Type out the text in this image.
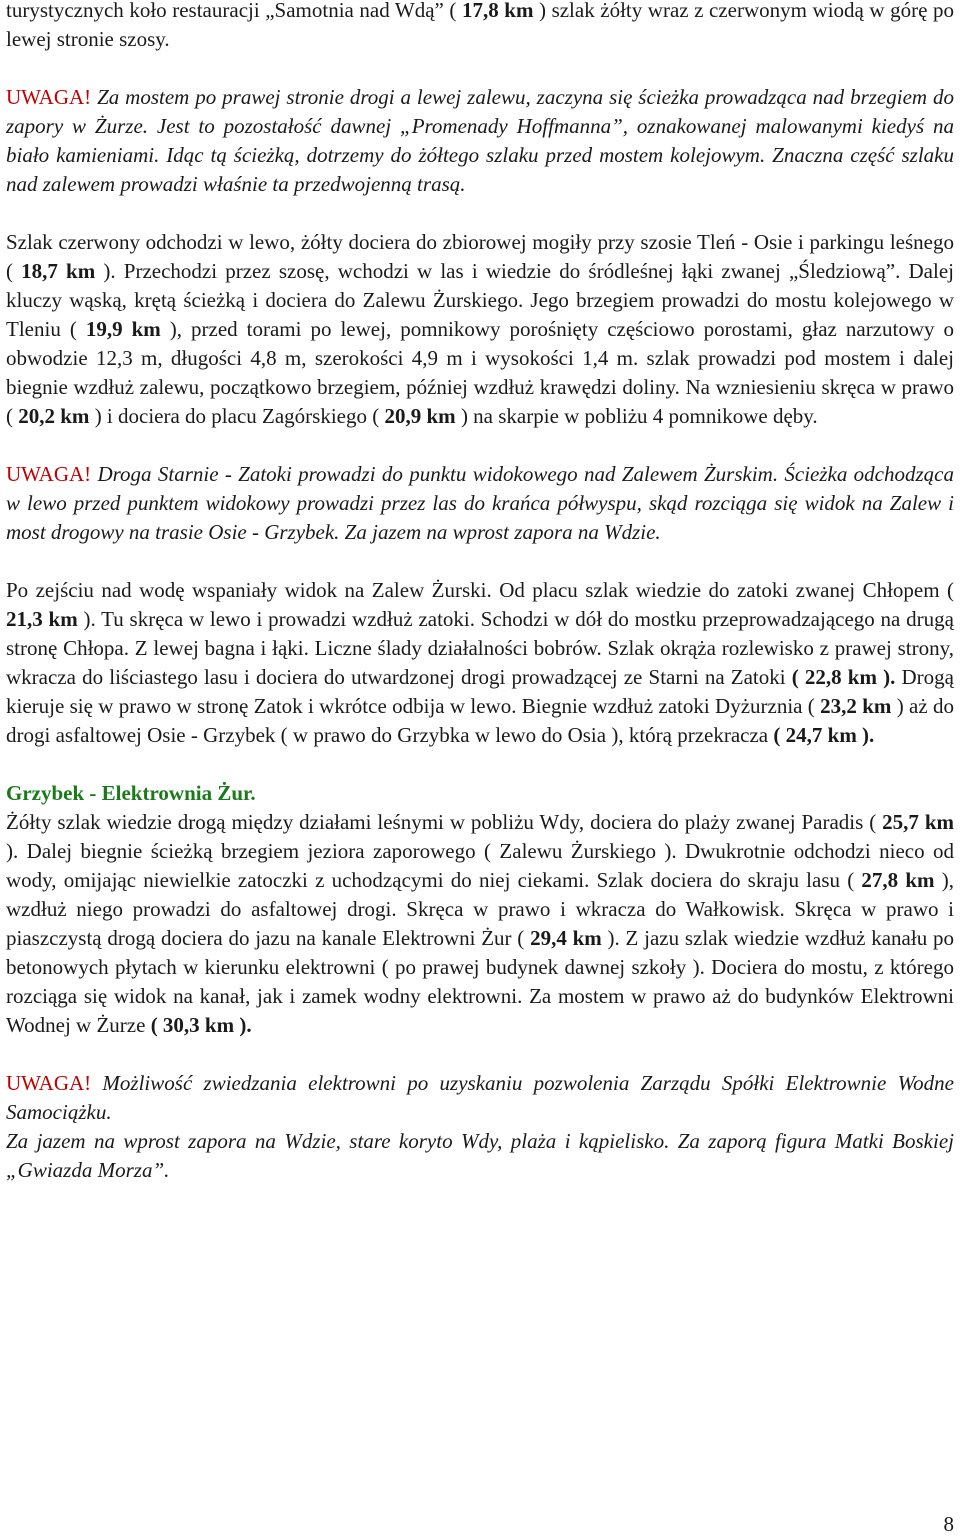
turystycznych koło restauracji „Samotnia nad Wdą” ( 17,8 km ) szlak żółty wraz z czerwonym wiodą w górę po lewej stronie szosy.

UWAGA! Za mostem po prawej stronie drogi a lewej zalewu, zaczyna się ścieżka prowadząca nad brzegiem do zapory w Żurze. Jest to pozostałość dawnej „Promenady Hoffmanna”, oznakowanej malowanymi kiedyś na biało kamieniami. Idąc tą ścieżką, dotrzemy do żółtego szlaku przed mostem kolejowym. Znaczna część szlaku nad zalewem prowadzi właśnie ta przedwojenną trasą.

Szlak czerwony odchodzi w lewo, żółty dociera do zbiorowej mogiły przy szosie Tleń - Osie i parkingu leśnego ( 18,7 km ). Przechodzi przez szosę, wchodzi w las i wiedzie do śródleśnej łąki zwanej „Śledziową”. Dalej kluczy wąską, krętą ścieżką i dociera do Zalewu Żurskiego. Jego brzegiem prowadzi do mostu kolejowego w Tleniu ( 19,9 km ), przed torami po lewej, pomnikowy porośnięty częściowo porostami, głaz narzutowy o obwodzie 12,3 m, długości 4,8 m, szerokości 4,9 m i wysokości 1,4 m. szlak prowadzi pod mostem i dalej biegnie wzdłuż zalewu, początkowo brzegiem, później wzdłuż krawędzi doliny. Na wzniesieniu skręca w prawo ( 20,2 km ) i dociera do placu Zagórskiego ( 20,9 km ) na skarpie w pobliżu 4 pomnikowe dęby.

UWAGA! Droga Starnie - Zatoki prowadzi do punktu widokowego nad Zalewem Żurskim. Ścieżka odchodząca w lewo przed punktem widokowy prowadzi przez las do krańca półwyspu, skąd rozciąga się widok na Zalew i most drogowy na trasie Osie - Grzybek. Za jazem na wprost zapora na Wdzie.

Po zejściu nad wodę wspaniały widok na Zalew Żurski. Od placu szlak wiedzie do zatoki zwanej Chłopem ( 21,3 km ). Tu skręca w lewo i prowadzi wzdłuż zatoki. Schodzi w dół do mostku przeprowadzającego na drugą stronę Chłopa. Z lewej bagna i łąki. Liczne ślady działalności bobrów. Szlak okrąża rozlewisko z prawej strony, wkracza do liściastego lasu i dociera do utwardzonej drogi prowadzącej ze Starni na Zatoki ( 22,8 km ). Drogą kieruje się w prawo w stronę Zatok i wkrótce odbija w lewo. Biegnie wzdłuż zatoki Dyżurznia ( 23,2 km ) aż do drogi asfaltowej Osie - Grzybek ( w prawo do Grzybka w lewo do Osia ), którą przekracza ( 24,7 km ).

Grzybek - Elektrownia Żur.

Żółty szlak wiedzie drogą między działami leśnymi w pobliżu Wdy, dociera do plaży zwanej Paradis ( 25,7 km ). Dalej biegnie ścieżką brzegiem jeziora zaporowego ( Zalewu Żurskiego ). Dwukrotnie odchodzi nieco od wody, omijając niewielkie zatoczki z uchodzącymi do niej ciekami. Szlak dociera do skraju lasu ( 27,8 km ), wzdłuż niego prowadzi do asfaltowej drogi. Skręca w prawo i wkracza do Wałkowisk. Skręca w prawo i piaszczystą drogą dociera do jazu na kanale Elektrowni Żur ( 29,4 km ). Z jazu szlak wiedzie wzdłuż kanału po betonowych płytach w kierunku elektrowni ( po prawej budynek dawnej szkoły ). Dociera do mostu, z którego rozciąga się widok na kanał, jak i zamek wodny elektrowni. Za mostem w prawo aż do budynków Elektrowni Wodnej w Żurze ( 30,3 km ).

UWAGA! Możliwość zwiedzania elektrowni po uzyskaniu pozwolenia Zarządu Spółki Elektrownie Wodne Samociążku.

Za jazem na wprost zapora na Wdzie, stare koryto Wdy, plaża i kąpielisko. Za zaporą figura Matki Boskiej „Gwiazda Morza”.

8
